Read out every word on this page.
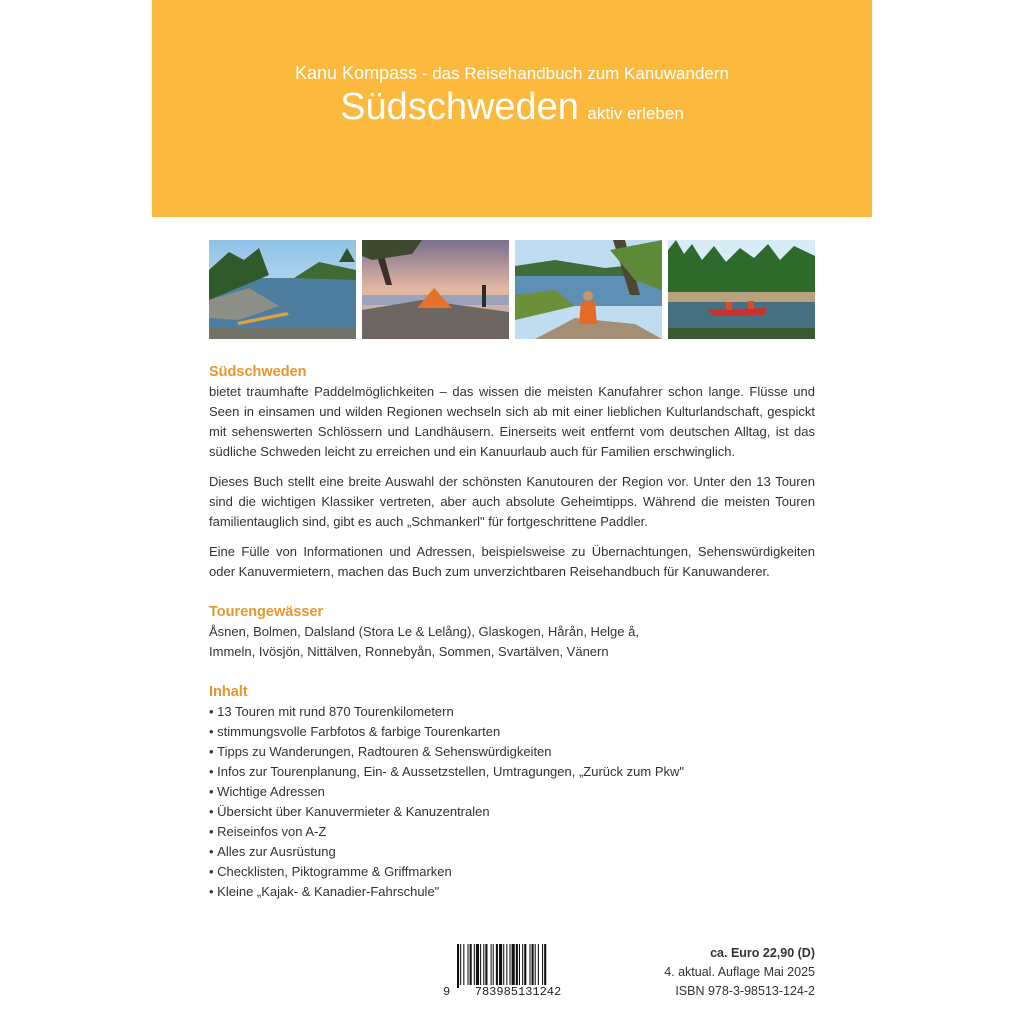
Kanu Kompass - das Reisehandbuch zum Kanuwandern
Südschweden aktiv erleben
Südschweden

bietet traumhafte Paddelmöglichkeiten – das wissen die meisten Kanufahrer schon lange. Flüsse und Seen in einsamen und wilden Regionen wechseln sich ab mit einer lieblichen Kulturlandschaft, gespickt mit sehenswerten Schlössern und Landhäusern. Einerseits weit entfernt vom deutschen Alltag, ist das südliche Schweden leicht zu erreichen und ein Kanuurlaub auch für Familien erschwinglich.

Dieses Buch stellt eine breite Auswahl der schönsten Kanutouren der Region vor. Unter den 13 Touren sind die wichtigen Klassiker vertreten, aber auch absolute Geheimtipps. Während die meisten Touren familientauglich sind, gibt es auch „Schmankerl" für fortgeschrittene Paddler.

Eine Fülle von Informationen und Adressen, beispielsweise zu Übernachtungen, Sehenswürdigkeiten oder Kanuvermietern, machen das Buch zum unverzichtbaren Reisehandbuch für Kanuwanderer.

Tourengewässer

Åsnen, Bolmen, Dalsland (Stora Le & Lelång), Glaskogen, Hårån, Helge å, Immeln, Ivösjön, Nittälven, Ronnebyån, Sommen, Svartälven, Vänern

Inhalt
• 13 Touren mit rund 870 Tourenkilometern
• stimmungsvolle Farbfotos & farbige Tourenkarten
• Tipps zu Wanderungen, Radtouren & Sehenswürdigkeiten
• Infos zur Tourenplanung, Ein- & Aussetzstellen, Umtragungen, „Zurück zum Pkw"
• Wichtige Adressen
• Übersicht über Kanuvermieter & Kanuzentralen
• Reiseinfos von A-Z
• Alles zur Ausrüstung
• Checklisten, Piktogramme & Griffmarken
• Kleine „Kajak- & Kanadier-Fahrschule"
9	783985131242
ca. Euro 22,90 (D)
4. aktual. Auflage Mai 2025
ISBN 978-3-98513-124-2
